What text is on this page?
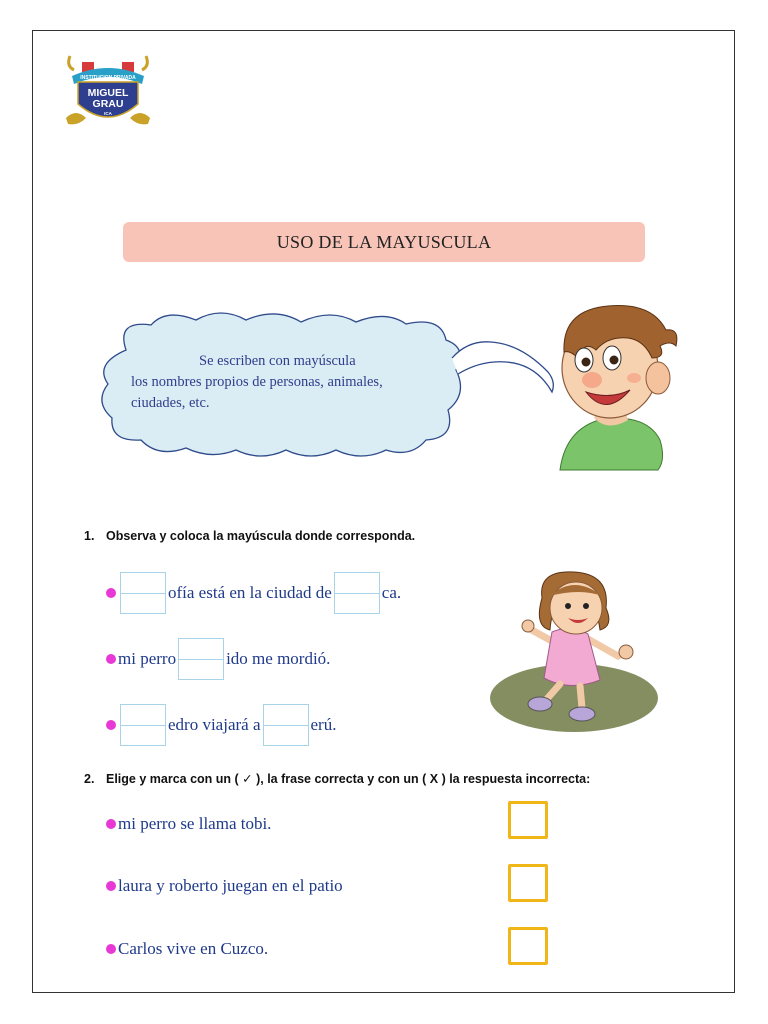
INSTITUCION PRIVADA
MIGUEL
GRAU
ICA
USO DE LA MAYUSCULA
Se escriben con mayúscula
los nombres propios de personas, animales,
ciudades, etc.
1. Observa y coloca la mayúscula donde corresponda.
ofía está en la ciudad de	ca.
mi perro	ido me mordió.
edro viajará a	erú.
2. Elige y marca con un ( ✓ ), la frase correcta y con un ( X ) la respuesta incorrecta:
mi perro se llama tobi.
laura y roberto juegan en el patio
Carlos vive en Cuzco.
